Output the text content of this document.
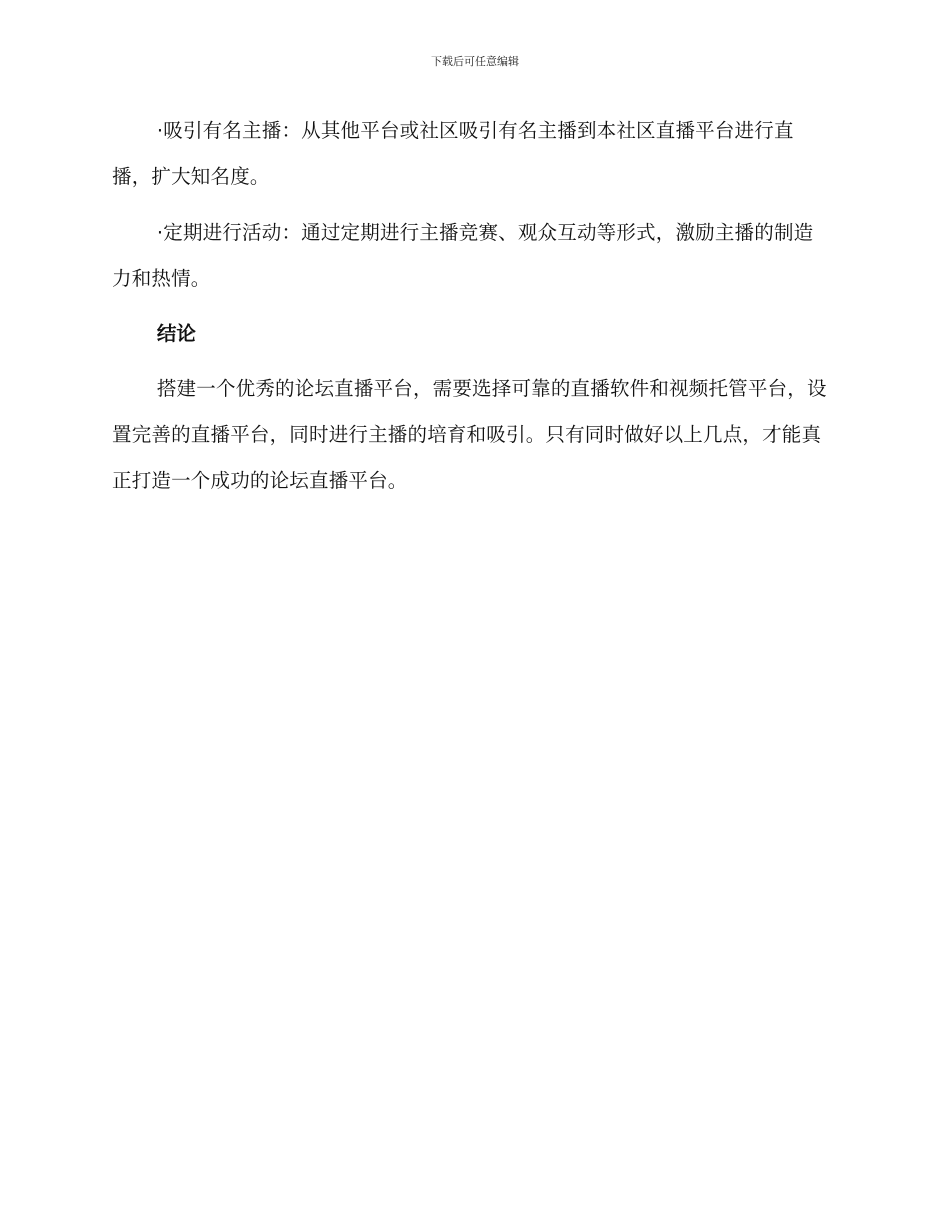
下载后可任意编辑

·吸引有名主播：从其他平台或社区吸引有名主播到本社区直播平台进行直播，扩大知名度。

·定期进行活动：通过定期进行主播竞赛、观众互动等形式，激励主播的制造力和热情。

结论

搭建一个优秀的论坛直播平台，需要选择可靠的直播软件和视频托管平台，设置完善的直播平台，同时进行主播的培育和吸引。只有同时做好以上几点，才能真正打造一个成功的论坛直播平台。
